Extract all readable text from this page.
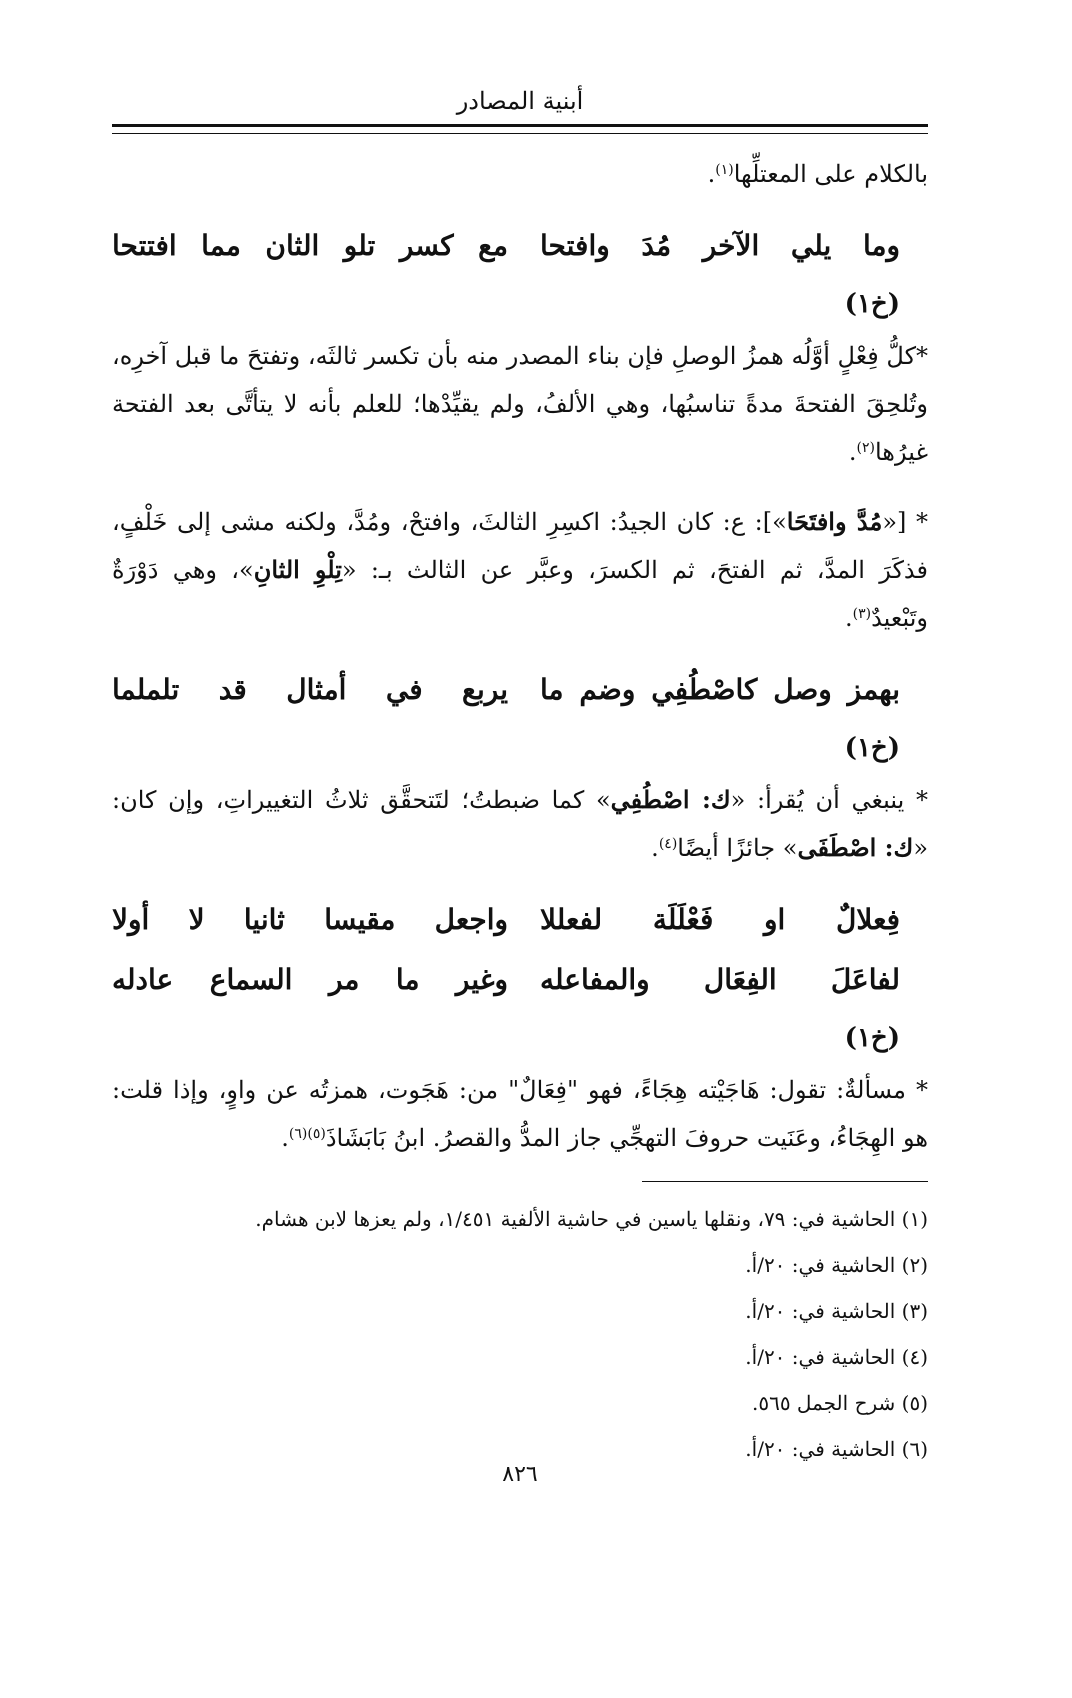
أبنية المصادر

بالكلام على المعتلِّها$^{(١)}$.

وما يلي الآخر مُدَ وافتحا
مع كسر تلو الثان مما افتتحا
(خ١)

*كلُّ فِعْلٍ أوَّلُه همزُ الوصلِ فإن بناء المصدر منه بأن تكسر ثالثَه، وتفتحَ ما قبل آخرِه، وتُلحِقَ الفتحةَ مدةً تناسبُها، وهي الألفُ، ولم يقيِّدْها؛ للعلم بأنه لا يتأتَّى بعد الفتحة غيرُها$^{(٢)}$.

* [«مُدَّ وافتَحَا»]: ع: كان الجيدُ: اكسِرِ الثالثَ، وافتحْ، ومُدَّ، ولكنه مشى إلى خَلْفٍ، فذكَرَ المدَّ، ثم الفتحَ، ثم الكسرَ، وعبَّر عن الثالث بـ: «تِلْوِ الثانِ»، وهي دَوْرَةٌ وتَبْعيدٌ$^{(٣)}$.

بهمز وصل كاصْطُفِي وضم ما
يربع في أمثال قد تلملما
(خ١)

* ينبغي أن يُقرأ: «ك: اصْطُفِي» كما ضبطتُ؛ لتَتحقَّق ثلاثُ التغييراتِ، وإن كان: «ك: اصْطَفَى» جائزًا أيضًا$^{(٤)}$.

فِعلالٌ او فَعْلَلَة لفعللا
واجعل مقيسا ثانيا لا أولا
لفاعَلَ الفِعَال والمفاعله
وغير ما مر السماع عادله
(خ١)

* مسألةٌ: تقول: هَاجَيْته هِجَاءً، فهو "فِعَالٌ" من: هَجَوت، همزتُه عن واوٍ، وإذا قلت: هو الهِجَاءُ، وعَنَيت حروفَ التهجِّي جاز المدُّ والقصرُ. ابنُ بَابَشَاذَ$^{(٥)(٦)}$.

(١) الحاشية في: ٧٩، ونقلها ياسين في حاشية الألفية ١/٤٥١، ولم يعزها لابن هشام.
(٢) الحاشية في: ٢٠/أ.
(٣) الحاشية في: ٢٠/أ.
(٤) الحاشية في: ٢٠/أ.
(٥) شرح الجمل ٥٦٥.
(٦) الحاشية في: ٢٠/أ.
٨٢٦
